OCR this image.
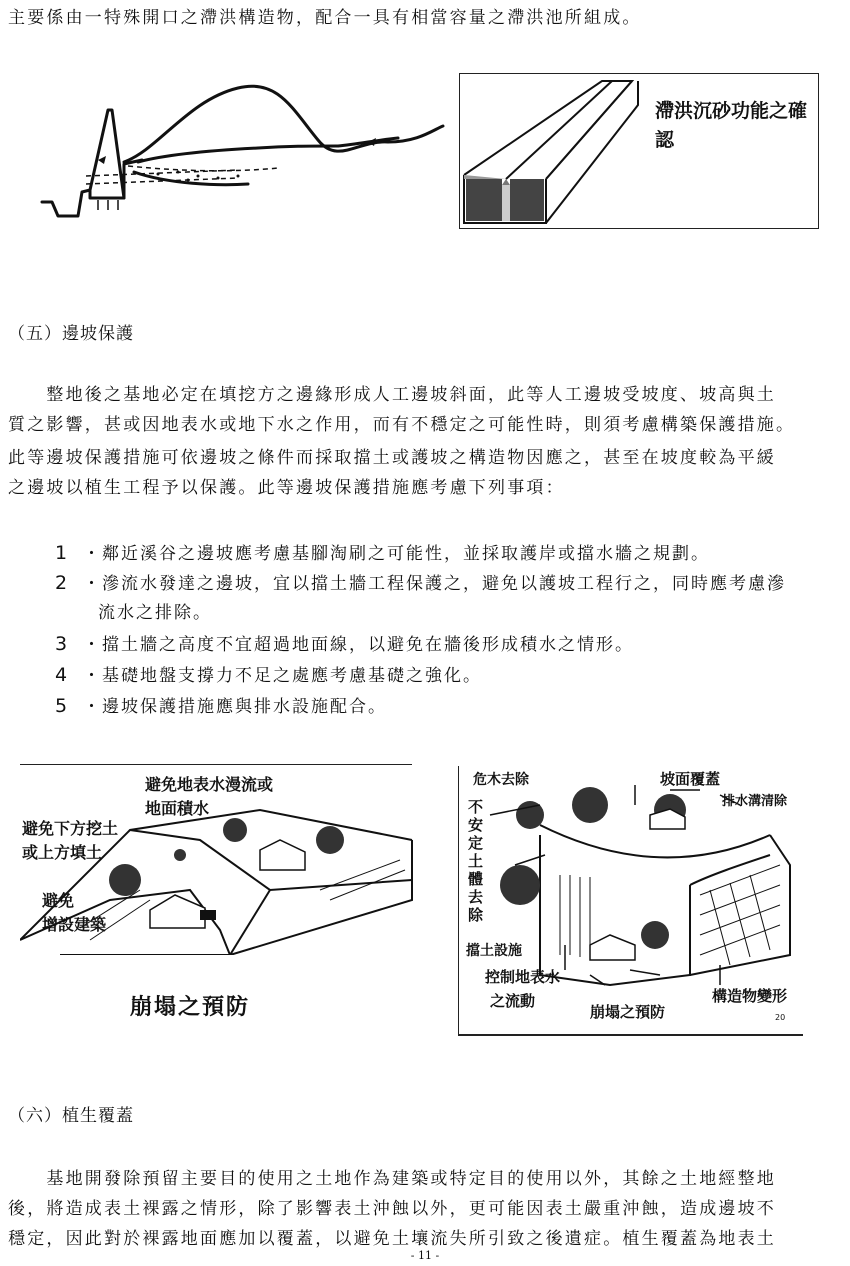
主要係由一特殊開口之滯洪構造物，配合一具有相當容量之滯洪池所組成。
滯洪沉砂功能之確認
（五）邊坡保護
　　整地後之基地必定在填挖方之邊緣形成人工邊坡斜面，此等人工邊坡受坡度、坡高與土
質之影響，甚或因地表水或地下水之作用，而有不穩定之可能性時，則須考慮構築保護措施。
此等邊坡保護措施可依邊坡之條件而採取擋土或護坡之構造物因應之，甚至在坡度較為平緩
之邊坡以植生工程予以保護。此等邊坡保護措施應考慮下列事項：
1 ・鄰近溪谷之邊坡應考慮基腳淘刷之可能性，並採取護岸或擋水牆之規劃。
2 ・滲流水發達之邊坡，宜以擋土牆工程保護之，避免以護坡工程行之，同時應考慮滲
流水之排除。
3 ・擋土牆之高度不宜超過地面線，以避免在牆後形成積水之情形。
4 ・基礎地盤支撐力不足之處應考慮基礎之強化。
5 ・邊坡保護措施應與排水設施配合。
避免地表水漫流或
地面積水
避免下方挖土
或上方填土
避免
增設建築
崩塌之預防
危木去除	坡面覆蓋
排水溝清除
不安定土體去除
擋土設施
控制地表水
之流動
崩塌之預防
構造物變形
20
（六）植生覆蓋
　　基地開發除預留主要目的使用之土地作為建築或特定目的使用以外，其餘之土地經整地
後，將造成表土裸露之情形，除了影響表土沖蝕以外，更可能因表土嚴重沖蝕，造成邊坡不
穩定，因此對於裸露地面應加以覆蓋，以避免土壤流失所引致之後遺症。植生覆蓋為地表土
- 11 -
